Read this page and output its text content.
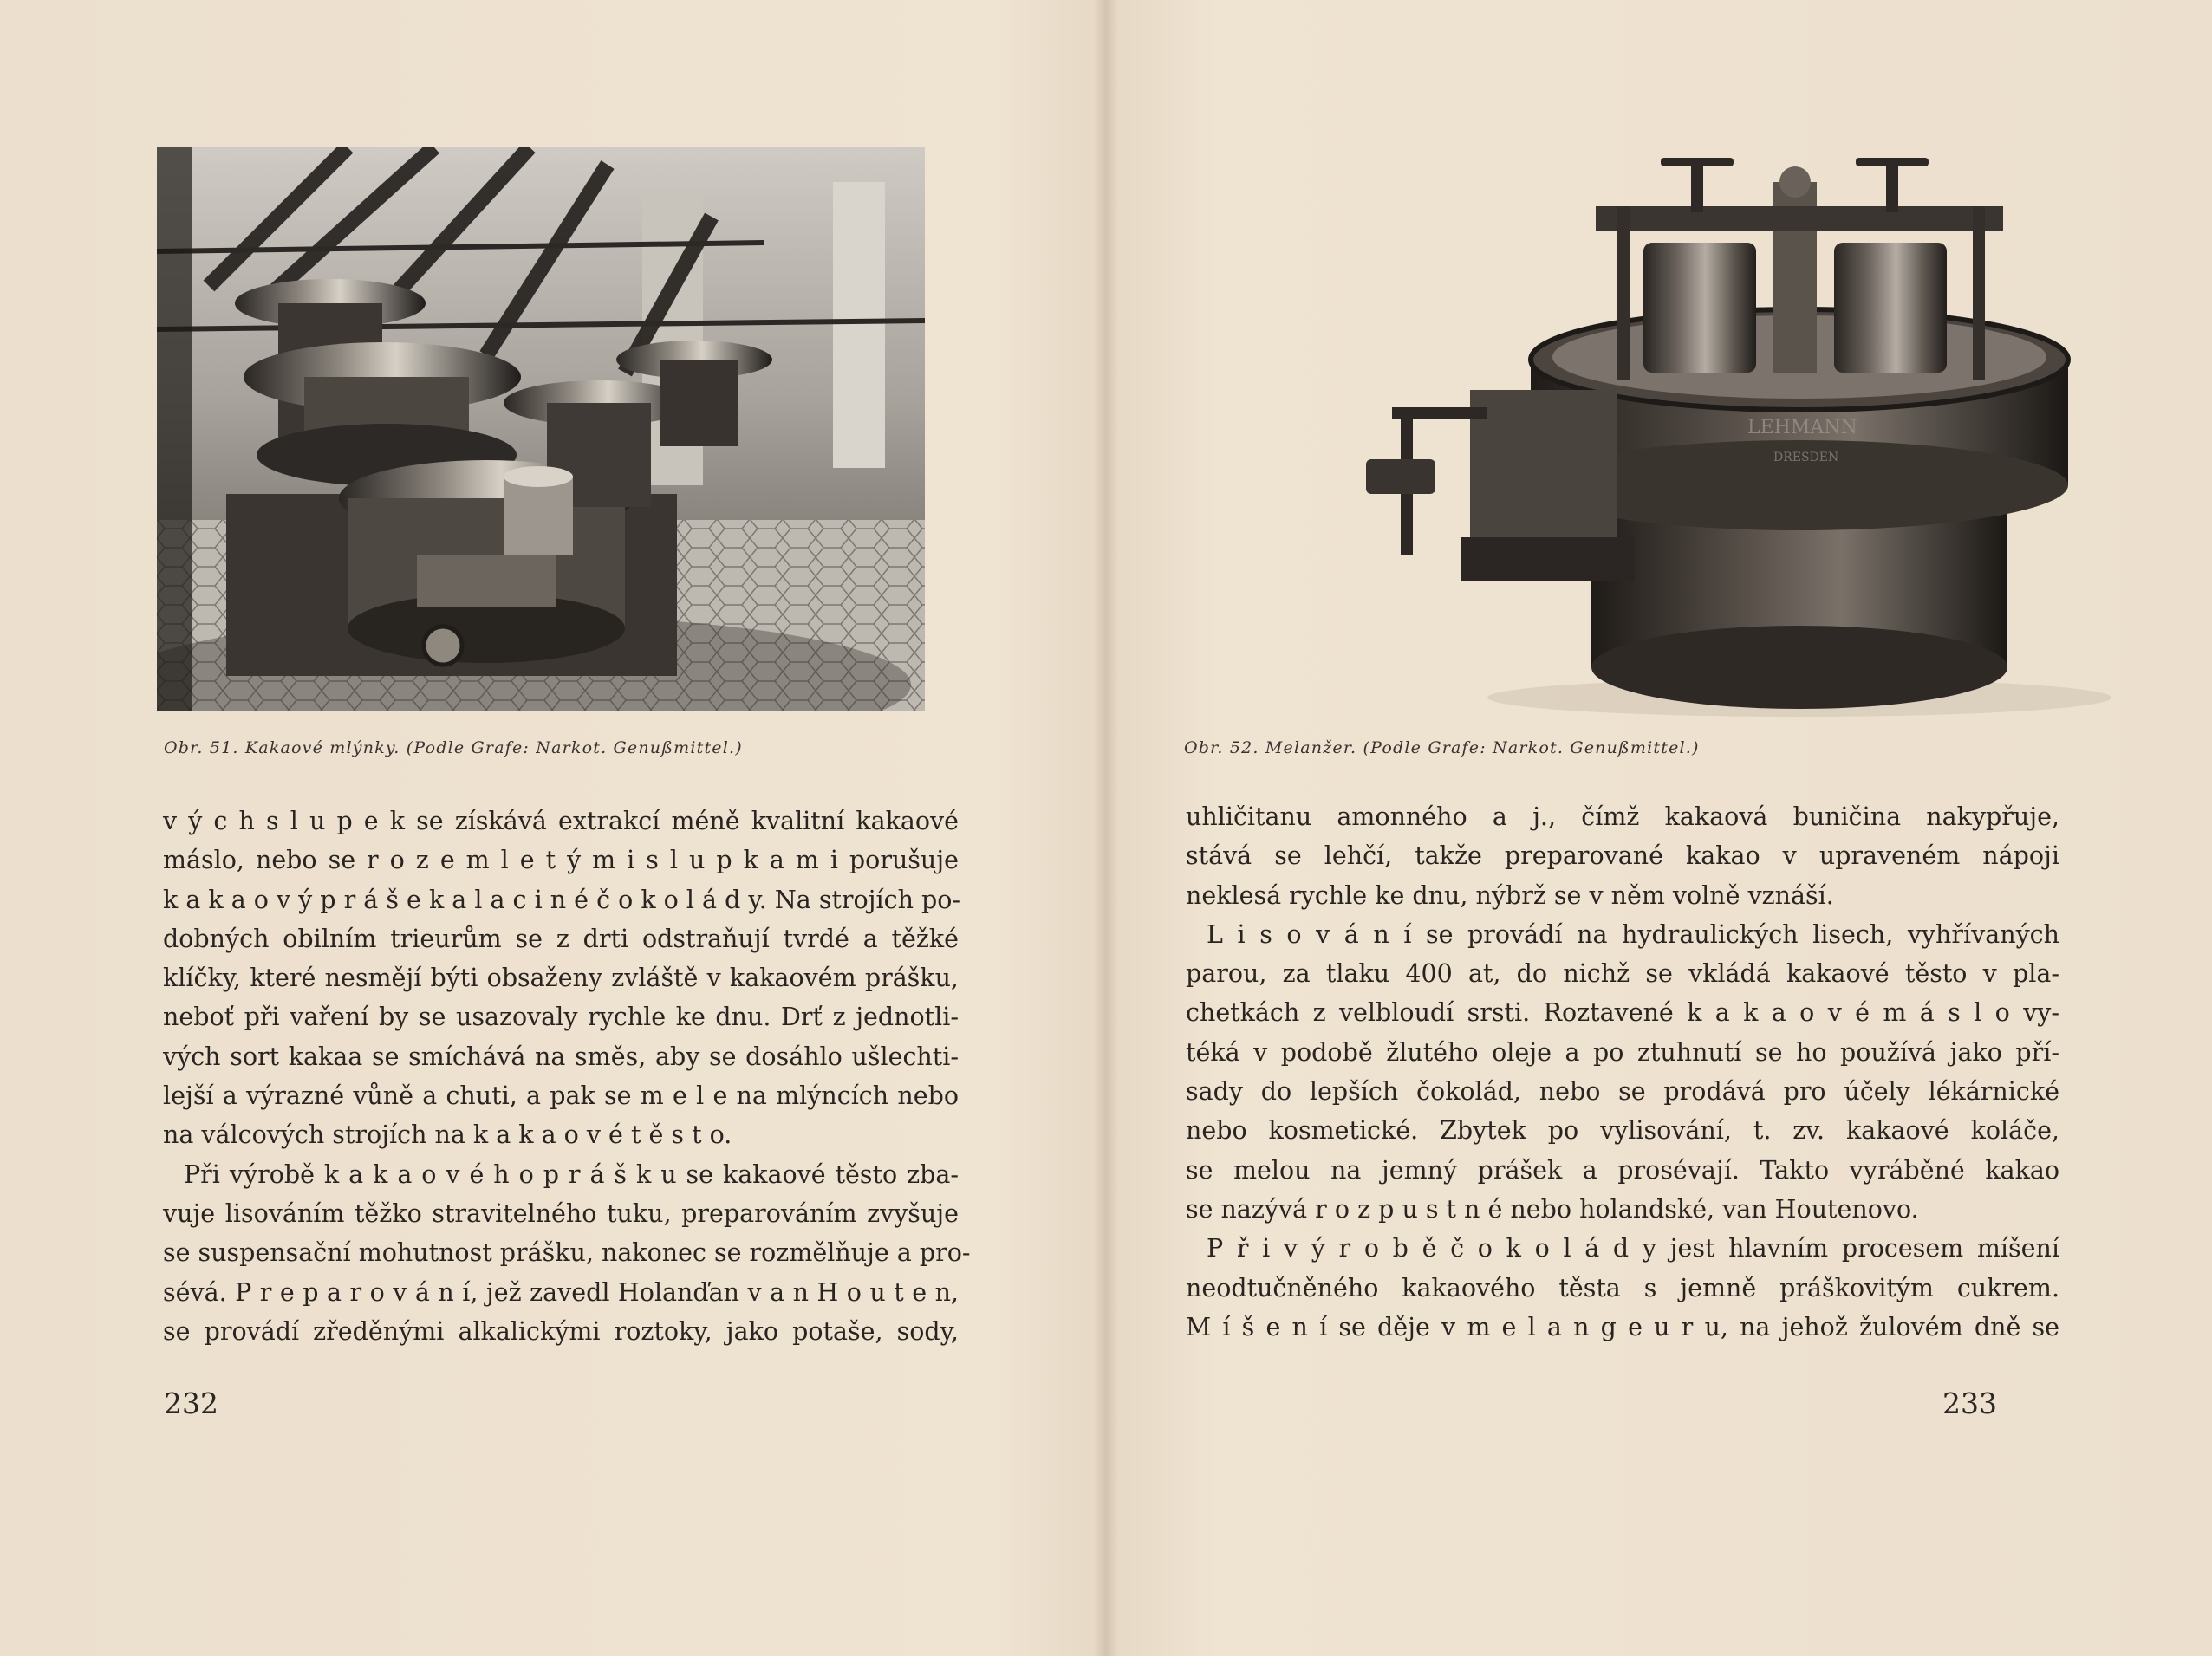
Obr. 51. Kakaové mlýnky. (Podle Grafe: Narkot. Genußmittel.)
v ý c h s l u p e k se získává extrakcí méně kvalitní kakaové
máslo, nebo se r o z e m l e t ý m i s l u p k a m i porušuje
k a k a o v ý p r á š e k a l a c i n é č o k o l á d y. Na strojích po-
dobných obilním trieurům se z drti odstraňují tvrdé a těžké
klíčky, které nesmějí býti obsaženy zvláště v kakaovém prášku,
neboť při vaření by se usazovaly rychle ke dnu. Drť z jednotli-
vých sort kakaa se smíchává na směs, aby se dosáhlo ušlechti-
lejší a výrazné vůně a chuti, a pak se m e l e na mlýncích nebo
na válcových strojích na k a k a o v é t ě s t o.
Při výrobě k a k a o v é h o p r á š k u se kakaové těsto zba-
vuje lisováním těžko stravitelného tuku, preparováním zvyšuje
se suspensační mohutnost prášku, nakonec se rozmělňuje a pro-
sévá. P r e p a r o v á n í, jež zavedl Holanďan v a n H o u t e n,
se provádí zředěnými alkalickými roztoky, jako potaše, sody,
232
LEHMANN
DRESDEN
Obr. 52. Melanžer. (Podle Grafe: Narkot. Genußmittel.)
uhličitanu amonného a j., čímž kakaová buničina nakypřuje,
stává se lehčí, takže preparované kakao v upraveném nápoji
neklesá rychle ke dnu, nýbrž se v něm volně vznáší.
L i s o v á n í se provádí na hydraulických lisech, vyhřívaných
parou, za tlaku 400 at, do nichž se vkládá kakaové těsto v pla-
chetkách z velbloudí srsti. Roztavené k a k a o v é m á s l o vy-
téká v podobě žlutého oleje a po ztuhnutí se ho používá jako pří-
sady do lepších čokolád, nebo se prodává pro účely lékárnické
nebo kosmetické. Zbytek po vylisování, t. zv. kakaové koláče,
se melou na jemný prášek a prosévají. Takto vyráběné kakao
se nazývá r o z p u s t n é nebo holandské, van Houtenovo.
P ř i v ý r o b ě č o k o l á d y jest hlavním procesem míšení
neodtučněného kakaového těsta s jemně práškovitým cukrem.
M í š e n í se děje v m e l a n g e u r u, na jehož žulovém dně se
233
